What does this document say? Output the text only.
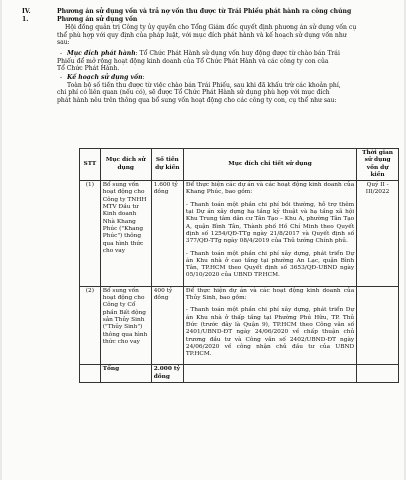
IV.	Phương án sử dụng vốn và trả nợ vốn thu được từ Trái Phiếu phát hành ra công chúng
1.	Phương án sử dụng vốn
Hội đồng quản trị Công ty ủy quyền cho Tổng Giám đốc quyết định phương án sử dụng vốn cụ
thể phù hợp với quy định của pháp luật, với mục đích phát hành và kế hoạch sử dụng vốn như
sau:
- Mục đích phát hành: Tổ Chức Phát Hành sử dụng vốn huy động được từ chào bán Trái
Phiếu để mở rộng hoạt động kinh doanh của Tổ Chức Phát Hành và các công ty con của
Tổ Chức Phát Hành.
- Kế hoạch sử dụng vốn:
Toàn bộ số tiền thu được từ việc chào bán Trái Phiếu, sau khi đã khấu trừ các khoản phí,
chi phí có liên quan (nếu có), sẽ được Tổ Chức Phát Hành sử dụng phù hợp với mục đích
phát hành nêu trên thông qua bổ sung vốn hoạt động cho các công ty con, cụ thể như sau:
STT	Mục đích sử dụng	Số tiền dự kiến	Mục đích chi tiết sử dụng	Thời gian sử dụng vốn dự kiến
(1)	Bổ sung vốn hoạt động cho Công ty TNHH MTV Đầu tư Kinh doanh Nhà Khang Phúc ("Khang Phúc") thông qua hình thức cho vay	1.600 tỷ đồng	Để thực hiện các dự án và các hoạt động kinh doanh của Khang Phúc, bao gồm:

- Thanh toán một phần chi phí bồi thường, hỗ trợ thêm tại Dự án xây dựng hạ tầng kỹ thuật và hạ tầng xã hội Khu Trung tâm dân cư Tân Tạo – Khu A, phường Tân Tạo A, quận Bình Tân, Thành phố Hồ Chí Minh theo Quyết định số 1254/QĐ-TTg ngày 21/8/2017 và Quyết định số 377/QĐ-TTg ngày 08/4/2019 của Thủ tướng Chính phủ.

- Thanh toán một phần chi phí xây dựng, phát triển Dự án Khu nhà ở cao tầng tại phường An Lạc, quận Bình Tân, TP.HCM theo Quyết định số 3653/QĐ-UBND ngày 05/10/2020 của UBND TP.HCM.	Quý II - III/2022
(2)	Bổ sung vốn hoạt động cho Công ty Cổ phần Bất động sản Thủy Sinh ("Thủy Sinh") thông qua hình thức cho vay	400 tỷ đồng	Để thực hiện dự án và các hoạt động kinh doanh của Thủy Sinh, bao gồm:

- Thanh toán một phần chi phí xây dựng, phát triển Dự án Khu nhà ở thấp tầng tại Phường Phú Hữu, TP. Thủ Đức (trước đây là Quận 9), TP.HCM theo Công văn số 2401/UBND-ĐT ngày 24/06/2020 về chấp thuận chủ trương đầu tư và Công văn số 2402/UBND-ĐT ngày 24/06/2020 về công nhận chủ đầu tư của UBND TP.HCM.	

	Tổng	2.000 tỷ đồng		
